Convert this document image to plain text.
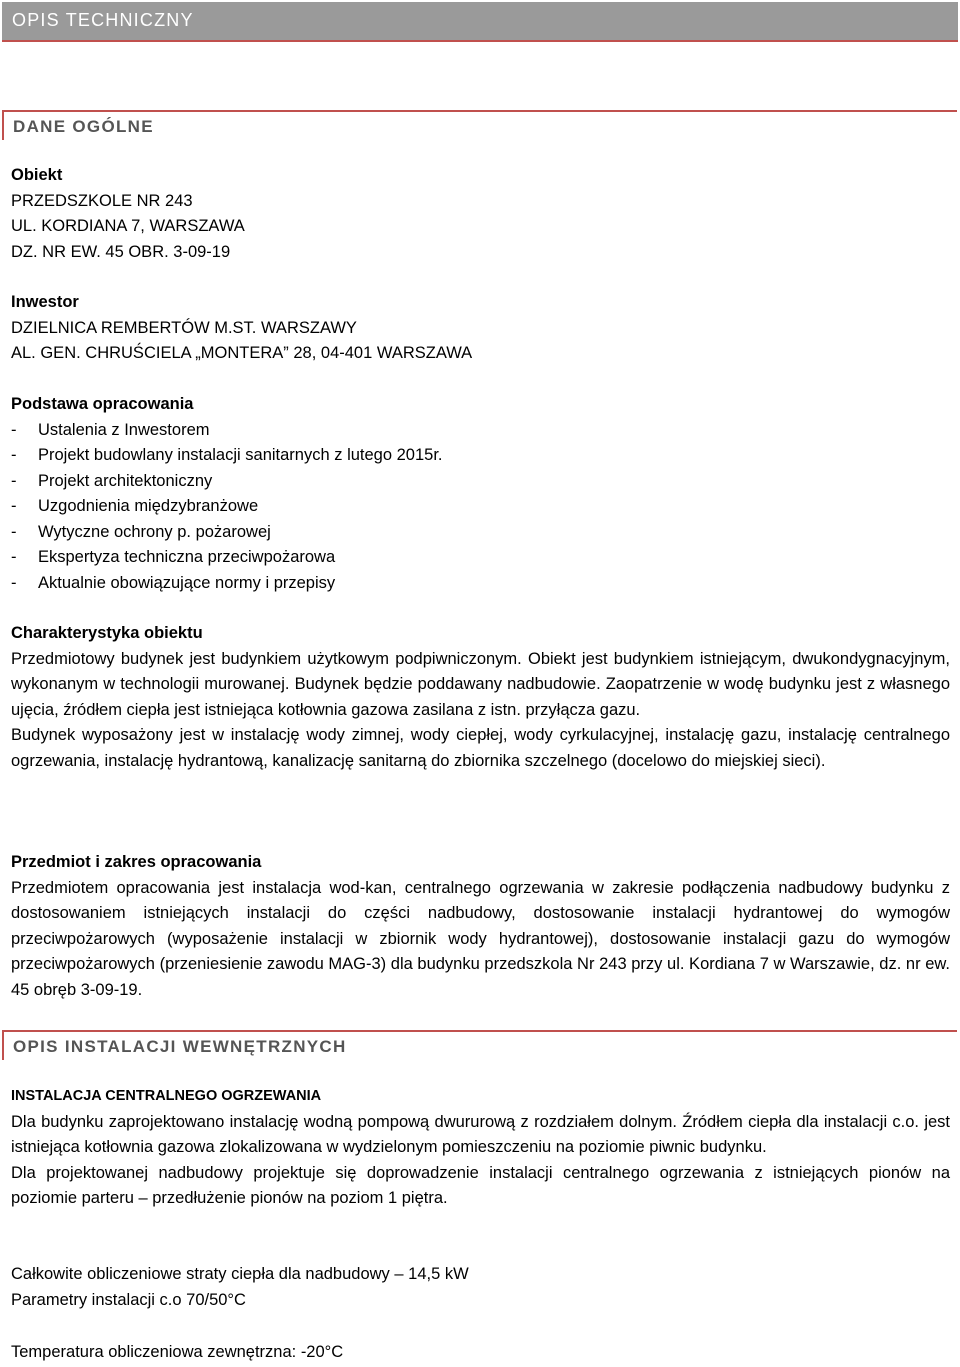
OPIS TECHNICZNY
DANE OGÓLNE
Obiekt
PRZEDSZKOLE NR 243
UL. KORDIANA 7, WARSZAWA
DZ. NR EW. 45 OBR. 3-09-19
Inwestor
DZIELNICA REMBERTÓW M.ST. WARSZAWY
AL. GEN. CHRUŚCIELA „MONTERA” 28, 04-401 WARSZAWA
Podstawa opracowania
- Ustalenia z Inwestorem
- Projekt budowlany instalacji sanitarnych z lutego 2015r.
- Projekt architektoniczny
- Uzgodnienia międzybranżowe
- Wytyczne ochrony p. pożarowej
- Ekspertyza techniczna przeciwpożarowa
- Aktualnie obowiązujące normy i przepisy
Charakterystyka obiektu

Przedmiotowy budynek jest budynkiem użytkowym podpiwniczonym. Obiekt jest budynkiem istniejącym, dwukondygnacyjnym, wykonanym w technologii murowanej. Budynek będzie poddawany nadbudowie. Zaopatrzenie w wodę budynku jest z własnego ujęcia, źródłem ciepła jest istniejąca kotłownia gazowa zasilana z istn. przyłącza gazu.

Budynek wyposażony jest w instalację wody zimnej, wody ciepłej, wody cyrkulacyjnej, instalację gazu, instalację centralnego ogrzewania, instalację hydrantową, kanalizację sanitarną do zbiornika szczelnego (docelowo do miejskiej sieci).

Przedmiot i zakres opracowania

Przedmiotem opracowania jest instalacja wod-kan, centralnego ogrzewania w zakresie podłączenia nadbudowy budynku z dostosowaniem istniejących instalacji do części nadbudowy, dostosowanie instalacji hydrantowej do wymogów przeciwpożarowych (wyposażenie instalacji w zbiornik wody hydrantowej), dostosowanie instalacji gazu do wymogów przeciwpożarowych (przeniesienie zawodu MAG-3) dla budynku przedszkola Nr 243 przy ul. Kordiana 7 w Warszawie, dz. nr ew. 45 obręb 3-09-19.

OPIS INSTALACJI WEWNĘTRZNYCH
INSTALACJA CENTRALNEGO OGRZEWANIA

Dla budynku zaprojektowano instalację wodną pompową dwururową z rozdziałem dolnym. Źródłem ciepła dla instalacji c.o. jest istniejąca kotłownia gazowa zlokalizowana w wydzielonym pomieszczeniu na poziomie piwnic budynku.

Dla projektowanej nadbudowy projektuje się doprowadzenie instalacji centralnego ogrzewania z istniejących pionów na poziomie parteru – przedłużenie pionów na poziom 1 piętra.

Całkowite obliczeniowe straty ciepła dla nadbudowy – 14,5 kW
Parametry instalacji c.o 70/50°C
Temperatura obliczeniowa zewnętrzna: -20°C
